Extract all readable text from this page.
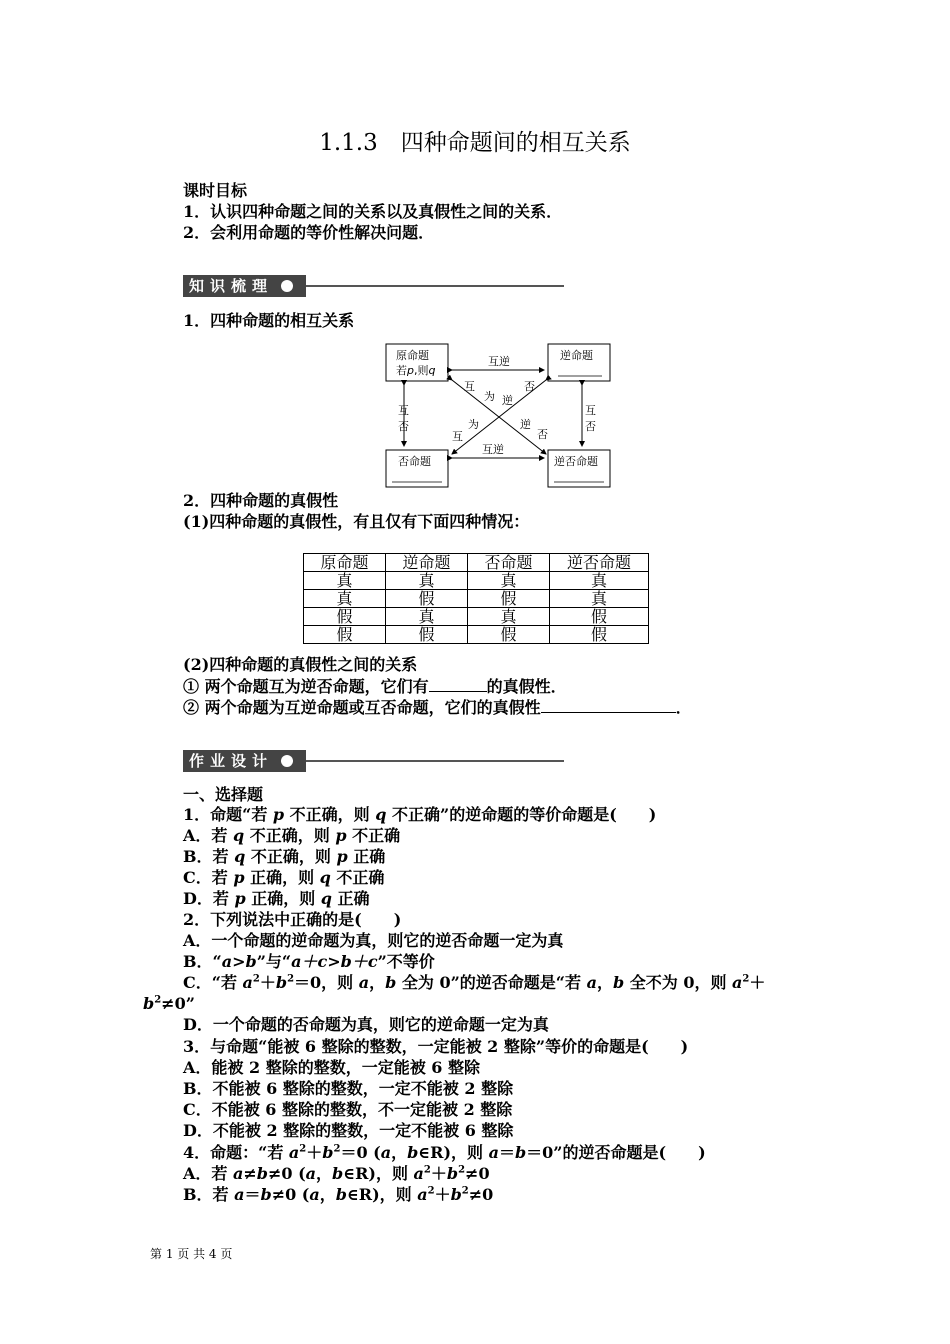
1.1.3　四种命题间的相互关系
课时目标
1．认识四种命题之间的关系以及真假性之间的关系．
2．会利用命题的等价性解决问题．
知识梳理
1．四种命题的相互关系
原命题
若p,则q
逆命题
否命题	逆否命题
互逆
互逆
互
否
互
否
互
为 逆
否
互
为	逆
否
2．四种命题的真假性
(1)四种命题的真假性，有且仅有下面四种情况：
原命题	逆命题	否命题	逆否命题
真	真	真	真
真	假	假	真
假	真	真	假
假	假	假	假
(2)四种命题的真假性之间的关系
① 两个命题互为逆否命题，它们有	的真假性．
② 两个命题为互逆命题或互否命题，它们的真假性	．
作业设计
一、选择题
1．命题“若 p 不正确，则 q 不正确”的逆命题的等价命题是(　　)
A．若 q 不正确，则 p 不正确
B．若 q 不正确，则 p 正确
C．若 p 正确，则 q 不正确
D．若 p 正确，则 q 正确
2．下列说法中正确的是(　　)
A．一个命题的逆命题为真，则它的逆否命题一定为真
B．“a>b”与“a＋c>b＋c”不等价
C．“若 $a^2+b^2=0$，则 a，b 全为 0”的逆否命题是“若 a，b 全不为 0，则 $a^2+$
$b^2\ne 0$”
D．一个命题的否命题为真，则它的逆命题一定为真
3．与命题“能被 6 整除的整数，一定能被 2 整除”等价的命题是(　　)
A．能被 2 整除的整数，一定能被 6 整除
B．不能被 6 整除的整数，一定不能被 2 整除
C．不能被 6 整除的整数，不一定能被 2 整除
D．不能被 2 整除的整数，一定不能被 6 整除
4．命题：“若 $a^2+b^2=0$ (a，b∈R)，则 a＝b＝0”的逆否命题是(　　)
A．若 a≠b≠0 (a，b∈R)，则 $a^2+b^2\ne 0$
B．若 a＝b≠0 (a，b∈R)，则 $a^2+b^2\ne 0$
第 1 页 共 4 页
